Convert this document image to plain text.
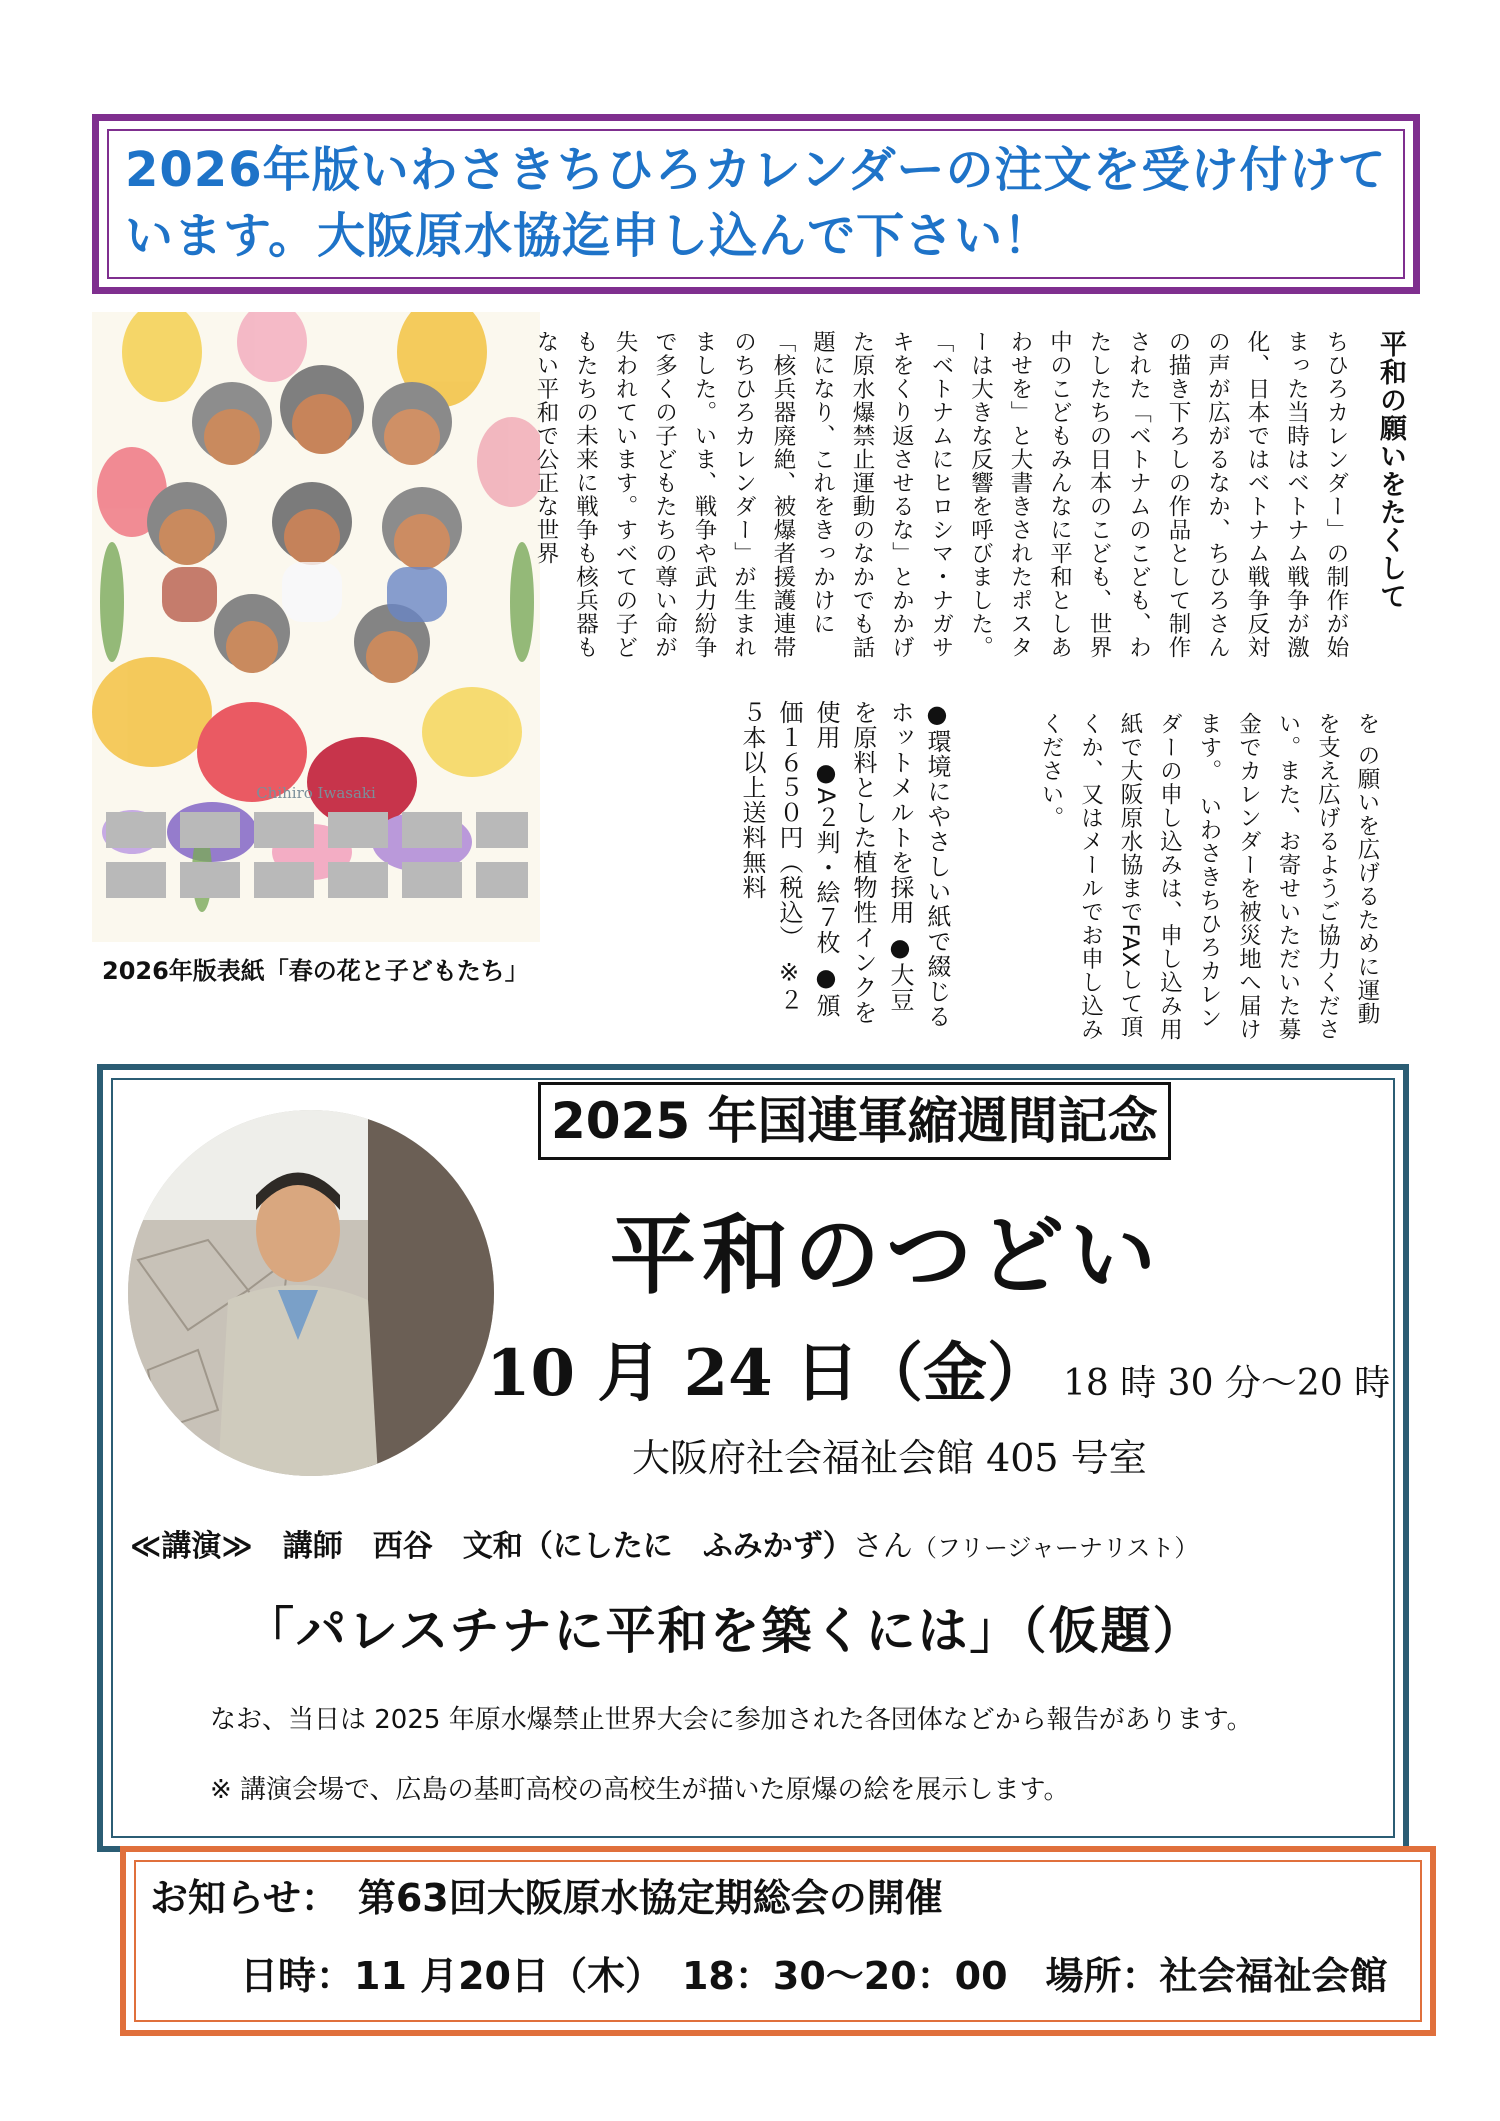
2026年版いわさきちひろカレンダーの注文を受け付けています。大阪原水協迄申し込んで下さい！

Chihiro Iwasaki

2026年版表紙「春の花と子どもたち」

平和の願いをたくして

ちひろカレンダー」の制作が始まった当時はベトナム戦争が激化、日本ではベトナム戦争反対の声が広がるなか、ちひろさんの描き下ろしの作品として制作された「ベトナムのこども、わたしたちの日本のこども、世界中のこどもみんなに平和としあわせを」と大書きされたポスターは大きな反響を呼びました。　「ベトナムにヒロシマ・ナガサキをくり返させるな」とかかげた原水爆禁止運動のなかでも話題になり、これをきっかけに「核兵器廃絶、被爆者援護連帯のちひろカレンダー」が生まれました。いま、戦争や武力紛争で多くの子どもたちの尊い命が失われています。すべての子どもたちの未来に戦争も核兵器もない平和で公正な世界

を の願いを広げるために運動を支え広げるようご協力ください。また、お寄せいただいた募金でカレンダーを被災地へ届けます。　いわさきちひろカレンダーの申し込みは、申し込み用紙で大阪原水協までFAXして頂くか、又はメールでお申し込みください。

●環境にやさしい紙で綴じるホットメルトを採用 ●大豆を原料とした植物性インクを使用 ●A２判・絵７枚 ●頒価１６５０円（税込） ※２５本以上送料無料

2025 年国連軍縮週間記念

平和のつどい

10 月 24 日（金） 18 時 30 分～20 時

大阪府社会福祉会館 405 号室

≪講演≫　講師　西谷　文和（にしたに　ふみかず）さん（フリージャーナリスト）

「パレスチナに平和を築くには」（仮題）

なお、当日は 2025 年原水爆禁止世界大会に参加された各団体などから報告があります。

※ 講演会場で、広島の基町高校の高校生が描いた原爆の絵を展示します。

お知らせ：　第63回大阪原水協定期総会の開催

日時：11 月20日（木）　18：30～20：00　場所：社会福祉会館
